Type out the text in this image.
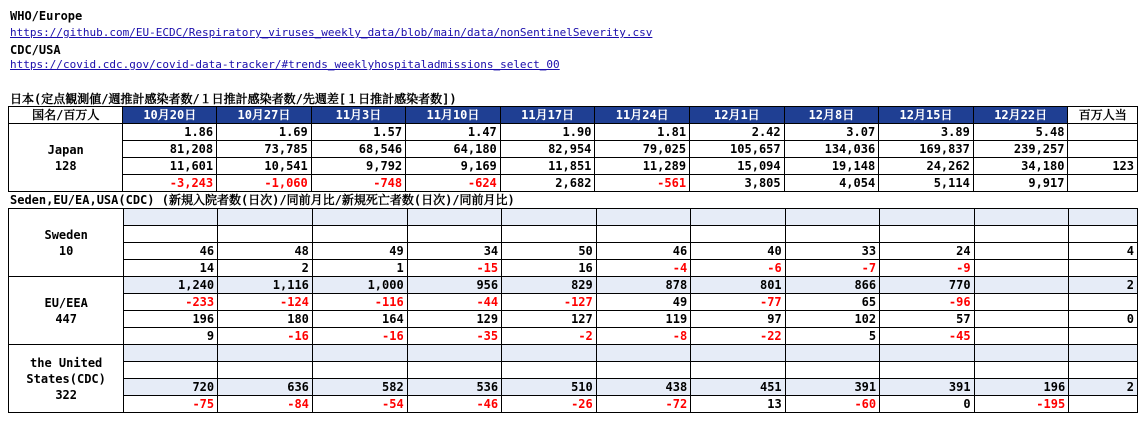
WHO/Europe
https://github.com/EU-ECDC/Respiratory_viruses_weekly_data/blob/main/data/nonSentinelSeverity.csv
CDC/USA
https://covid.cdc.gov/covid-data-tracker/#trends_weeklyhospitaladmissions_select_00
日本(定点観測値/週推計感染者数/１日推計感染者数/先週差[１日推計感染者数])
国名/百万人	10月20日	10月27日	11月3日	11月10日	11月17日	11月24日	12月1日	12月8日	12月15日	12月22日	百万人当

Japan
128	1.86	1.69	1.57	1.47	1.90	1.81	2.42	3.07	3.89	5.48	
	81,208	73,785	68,546	64,180	82,954	79,025	105,657	134,036	169,837	239,257	
	11,601	10,541	9,792	9,169	11,851	11,289	15,094	19,148	24,262	34,180	123
	-3,243	-1,060	-748	-624	2,682	-561	3,805	4,054	5,114	9,917	
Seden,EU/EA,USA(CDC) (新規入院者数(日次)/同前月比/新規死亡者数(日次)/同前月比)
Sweden
10											

	46	48	49	34	50	46	40	33	24		4
	14	2	1	-15	16	-4	-6	-7	-9		

EU/EEA
447	1,240	1,116	1,000	956	829	878	801	866	770		2
	-233	-124	-116	-44	-127	49	-77	65	-96		
	196	180	164	129	127	119	97	102	57		0
	9	-16	-16	-35	-2	-8	-22	5	-45		

the United States(CDC)
322											

	720	636	582	536	510	438	451	391	391	196	2
	-75	-84	-54	-46	-26	-72	13	-60	0	-195	
